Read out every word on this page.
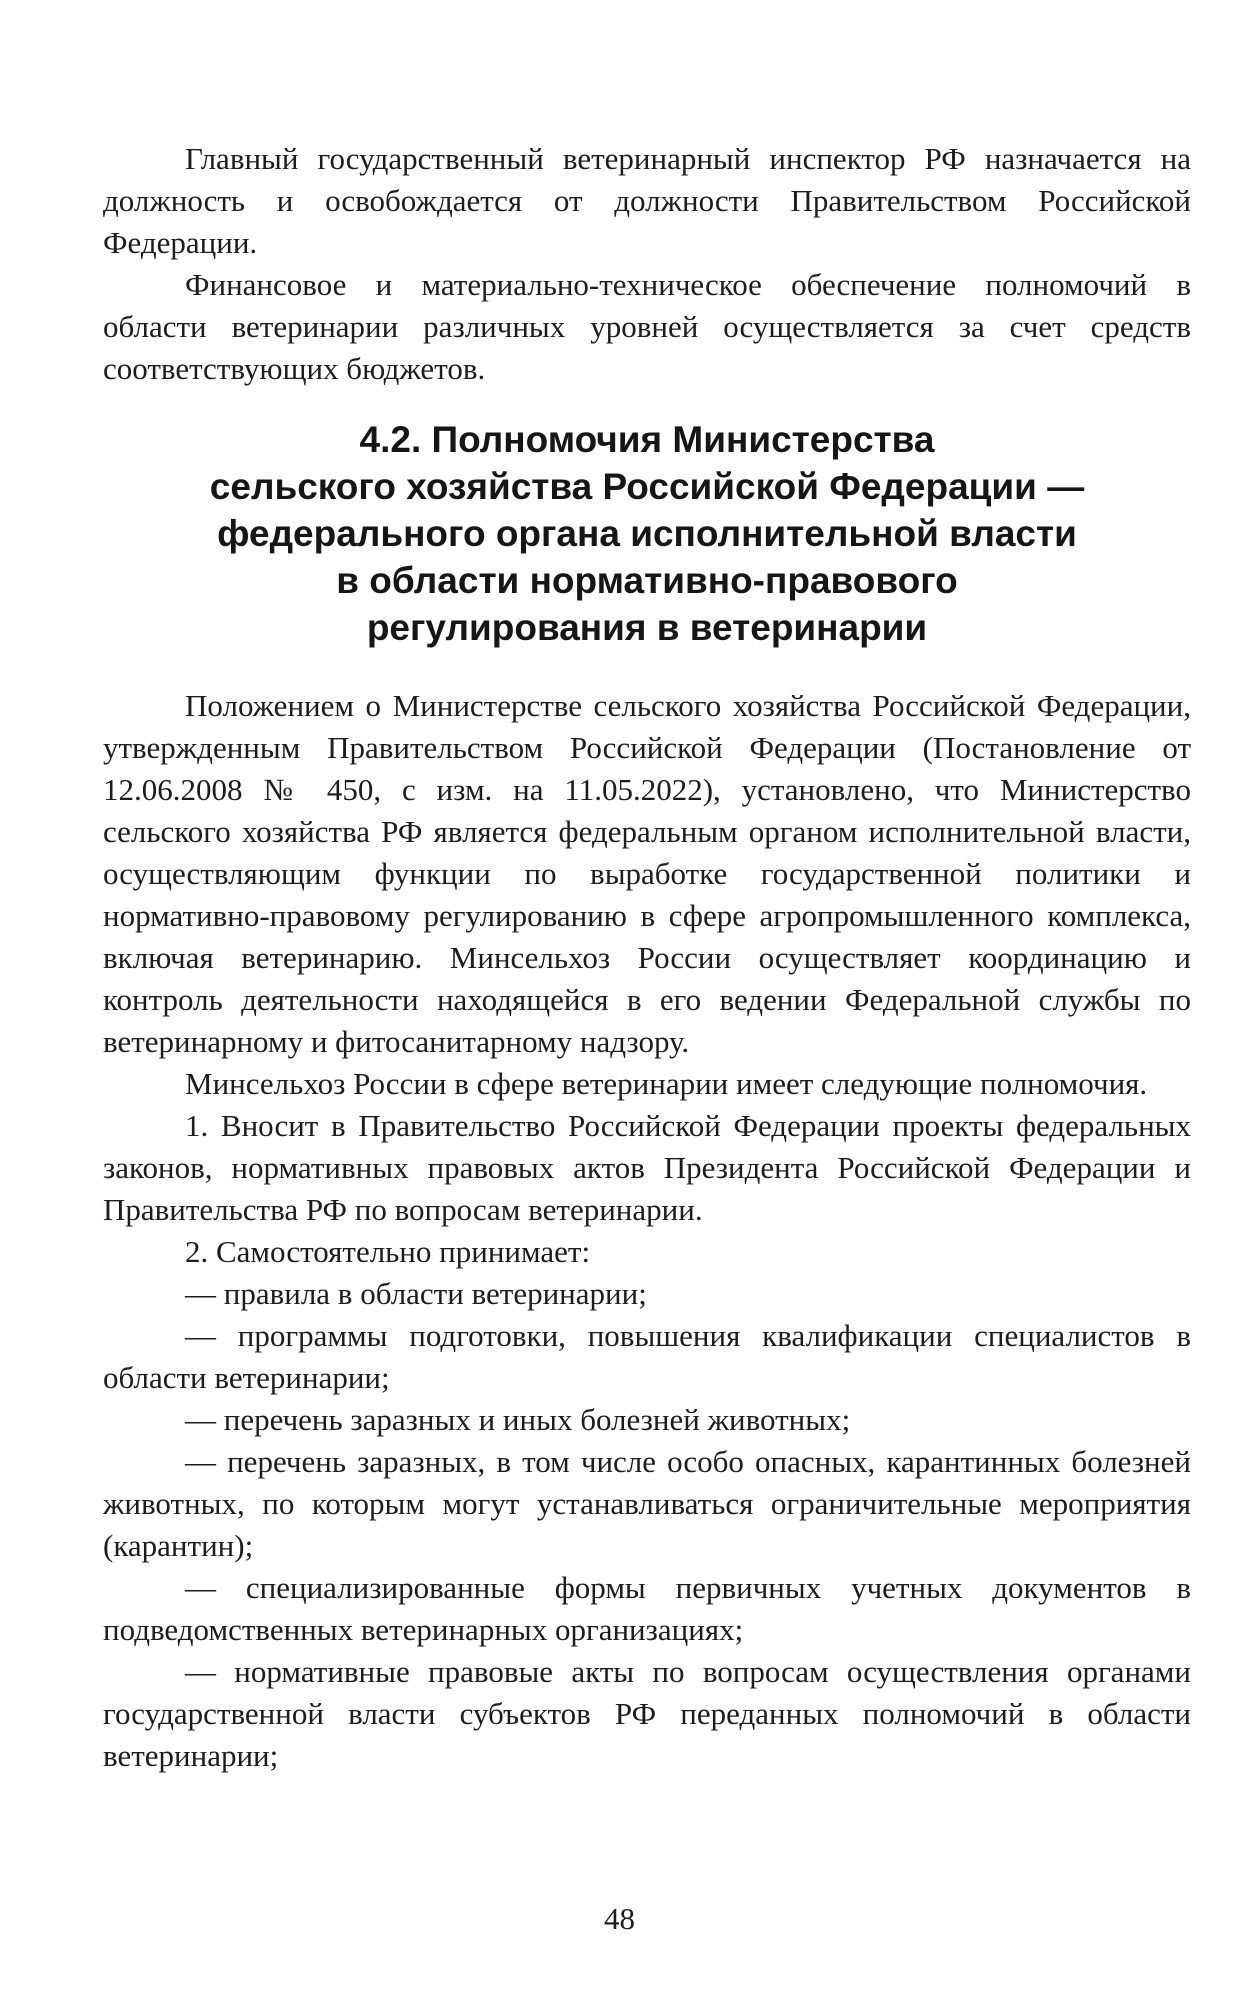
Главный государственный ветеринарный инспектор РФ назначается на должность и освобождается от должности Правительством Российской Федерации.

Финансовое и материально-техническое обеспечение полномочий в области ветеринарии различных уровней осуществляется за счет средств соответствующих бюджетов.

4.2. Полномочия Министерства
сельского хозяйства Российской Федерации —
федерального органа исполнительной власти
в области нормативно-правового
регулирования в ветеринарии

Положением о Министерстве сельского хозяйства Российской Федерации, утвержденным Правительством Российской Федерации (Постановление от 12.06.2008 № 450, с изм. на 11.05.2022), установлено, что Министерство сельского хозяйства РФ является федеральным органом исполнительной власти, осуществляющим функции по выработке государственной политики и нормативно-правовому регулированию в сфере агропромышленного комплекса, включая ветеринарию. Минсельхоз России осуществляет координацию и контроль деятельности находящейся в его ведении Федеральной службы по ветеринарному и фитосанитарному надзору.

Минсельхоз России в сфере ветеринарии имеет следующие полномочия.

1. Вносит в Правительство Российской Федерации проекты федеральных законов, нормативных правовых актов Президента Российской Федерации и Правительства РФ по вопросам ветеринарии.

2. Самостоятельно принимает:

— правила в области ветеринарии;

— программы подготовки, повышения квалификации специалистов в области ветеринарии;

— перечень заразных и иных болезней животных;

— перечень заразных, в том числе особо опасных, карантинных болезней животных, по которым могут устанавливаться ограничительные мероприятия (карантин);

— специализированные формы первичных учетных документов в подведомственных ветеринарных организациях;

— нормативные правовые акты по вопросам осуществления органами государственной власти субъектов РФ переданных полномочий в области ветеринарии;

48
